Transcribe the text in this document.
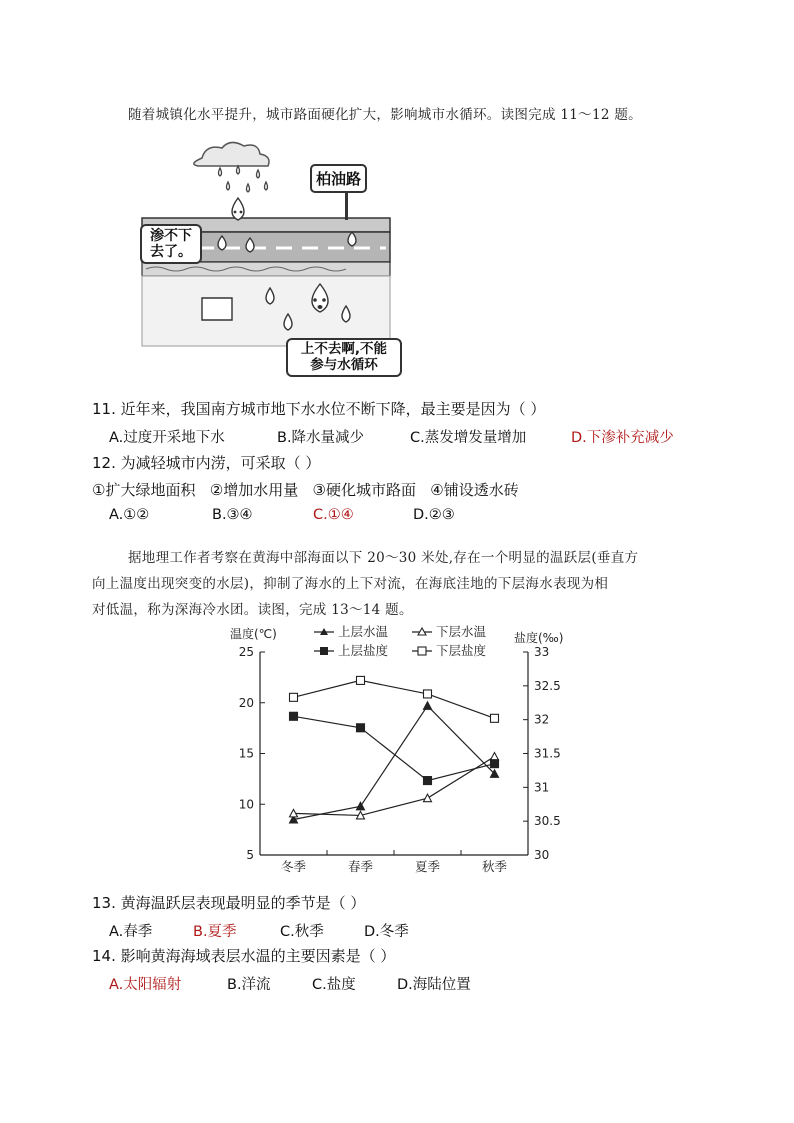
随着城镇化水平提升，城市路面硬化扩大，影响城市水循环。读图完成 11～12 题。
柏油路
渗不下
去了。
上不去啊,不能
参与水循环
11. 近年来，我国南方城市地下水水位不断下降，最主要是因为（ ）
A.过度开采地下水	B.降水量减少	C.蒸发增发量增加	D.下渗补充减少
12. 为减轻城市内涝，可采取（ ）
①扩大绿地面积   ②增加水用量   ③硬化城市路面   ④铺设透水砖
A.①②	B.③④	C.①④	D.②③
据地理工作者考察在黄海中部海面以下 20～30 米处,存在一个明显的温跃层(垂直方
向上温度出现突变的水层)，抑制了海水的上下对流，在海底洼地的下层海水表现为相
对低温，称为深海冷水团。读图，完成 13～14 题。
温度(℃)	盐度(‰)
上层水温	下层水温
上层盐度	下层盐度
5
10
15
20
25
30
30.5
31
31.5
32
32.5
33
冬季	春季	夏季	秋季
13. 黄海温跃层表现最明显的季节是（ ）
A.春季	B.夏季	C.秋季	D.冬季
14. 影响黄海海域表层水温的主要因素是（ ）
A.太阳辐射	B.洋流	C.盐度	D.海陆位置
